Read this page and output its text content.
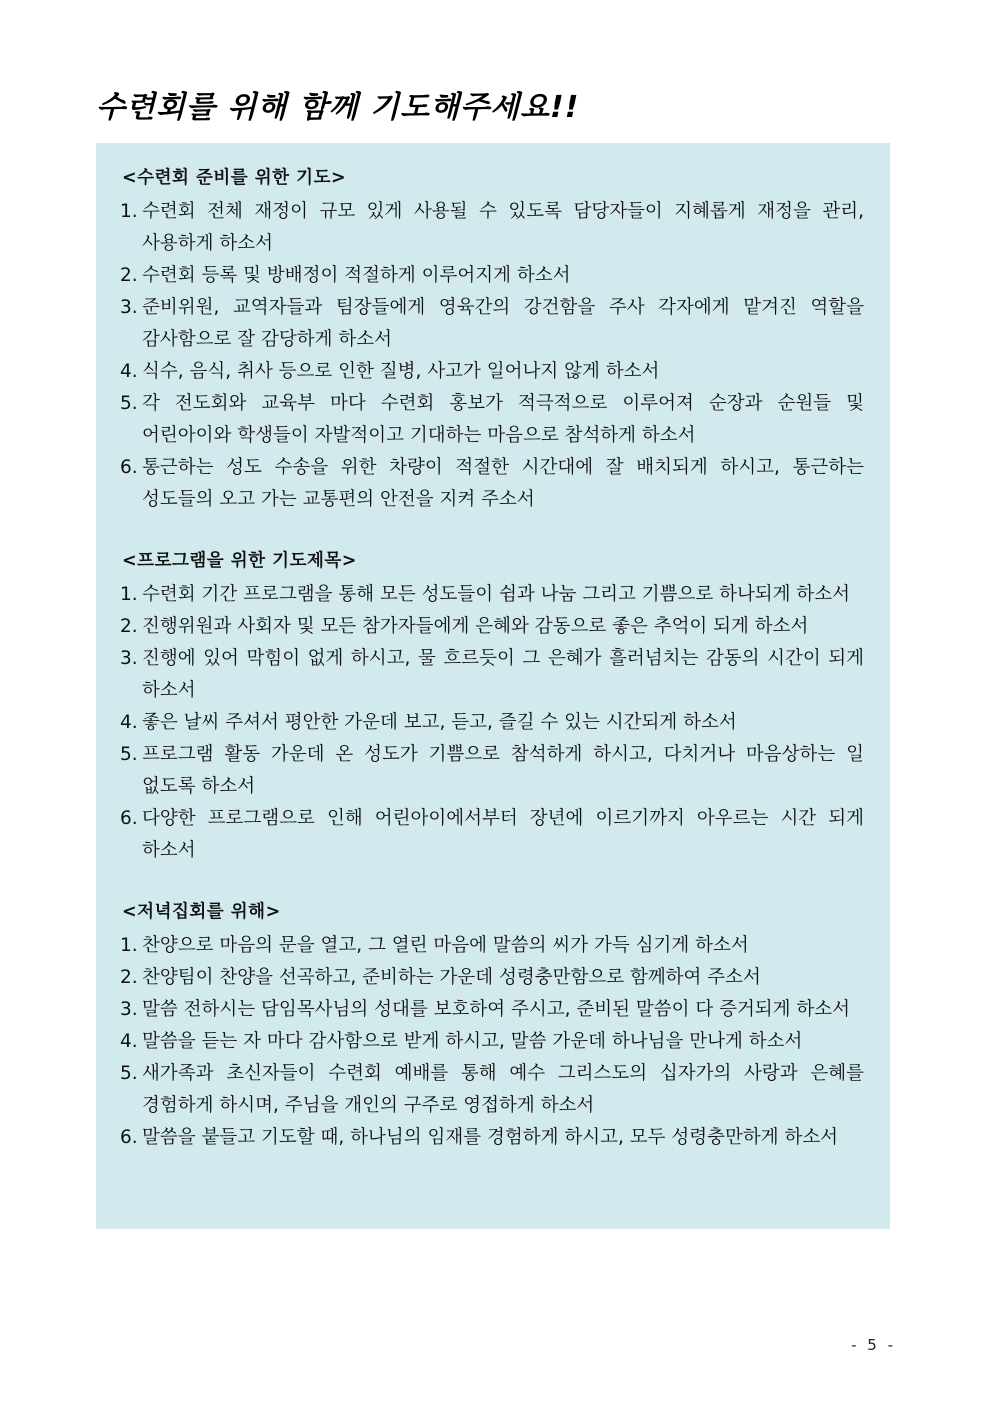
수련회를 위해 함께 기도해주세요!!
<수련회 준비를 위한 기도>
1. 수련회 전체 재정이 규모 있게 사용될 수 있도록 담당자들이 지혜롭게 재정을 관리, 사용하게 하소서
2. 수련회 등록 및 방배정이 적절하게 이루어지게 하소서
3. 준비위원, 교역자들과 팀장들에게 영육간의 강건함을 주사 각자에게 맡겨진 역할을 감사함으로 잘 감당하게 하소서
4. 식수, 음식, 취사 등으로 인한 질병, 사고가 일어나지 않게 하소서
5. 각 전도회와 교육부 마다 수련회 홍보가 적극적으로 이루어져 순장과 순원들 및 어린아이와 학생들이 자발적이고 기대하는 마음으로 참석하게 하소서
6. 통근하는 성도 수송을 위한 차량이 적절한 시간대에 잘 배치되게 하시고, 통근하는 성도들의 오고 가는 교통편의 안전을 지켜 주소서
<프로그램을 위한 기도제목>
1. 수련회 기간 프로그램을 통해 모든 성도들이 쉼과 나눔 그리고 기쁨으로 하나되게 하소서
2. 진행위원과 사회자 및 모든 참가자들에게 은혜와 감동으로 좋은 추억이 되게 하소서
3. 진행에 있어 막힘이 없게 하시고, 물 흐르듯이 그 은혜가 흘러넘치는 감동의 시간이 되게 하소서
4. 좋은 날씨 주셔서 평안한 가운데 보고, 듣고, 즐길 수 있는 시간되게 하소서
5. 프로그램 활동 가운데 온 성도가 기쁨으로 참석하게 하시고, 다치거나 마음상하는 일 없도록 하소서
6. 다양한 프로그램으로 인해 어린아이에서부터 장년에 이르기까지 아우르는 시간 되게 하소서
<저녁집회를 위해>
1. 찬양으로 마음의 문을 열고, 그 열린 마음에 말씀의 씨가 가득 심기게 하소서
2. 찬양팀이 찬양을 선곡하고, 준비하는 가운데 성령충만함으로 함께하여 주소서
3. 말씀 전하시는 담임목사님의 성대를 보호하여 주시고, 준비된 말씀이 다 증거되게 하소서
4. 말씀을 듣는 자 마다 감사함으로 받게 하시고, 말씀 가운데 하나님을 만나게 하소서
5. 새가족과 초신자들이 수련회 예배를 통해 예수 그리스도의 십자가의 사랑과 은혜를 경험하게 하시며, 주님을 개인의 구주로 영접하게 하소서
6. 말씀을 붙들고 기도할 때, 하나님의 임재를 경험하게 하시고, 모두 성령충만하게 하소서
- 5 -
